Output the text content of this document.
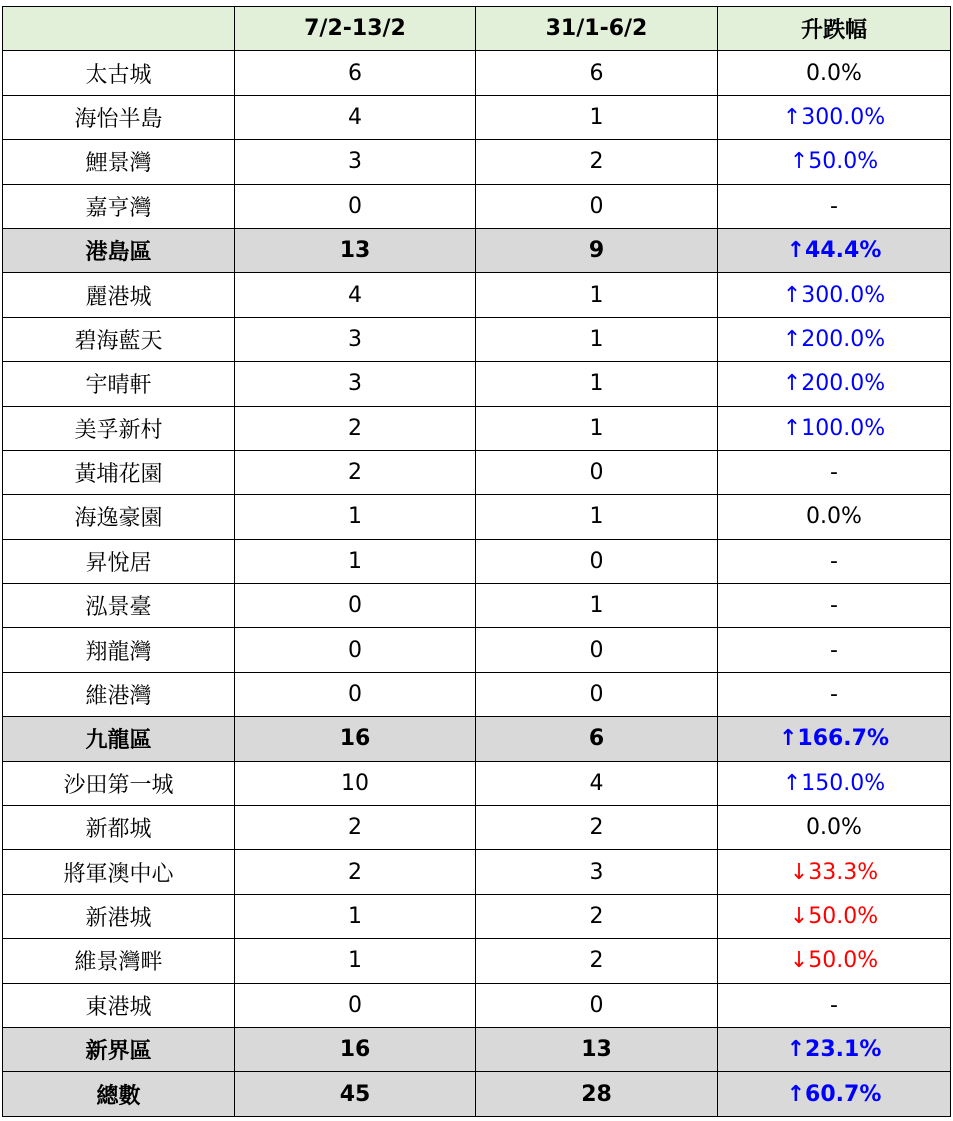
	7/2-13/2	31/1-6/2	升跌幅
太古城	6	6	0.0%
海怡半島	4	1	↑300.0%
鯉景灣	3	2	↑50.0%
嘉亨灣	0	0	-
港島區	13	9	↑44.4%
麗港城	4	1	↑300.0%
碧海藍天	3	1	↑200.0%
宇晴軒	3	1	↑200.0%
美孚新村	2	1	↑100.0%
黃埔花園	2	0	-
海逸豪園	1	1	0.0%
昇悅居	1	0	-
泓景臺	0	1	-
翔龍灣	0	0	-
維港灣	0	0	-
九龍區	16	6	↑166.7%
沙田第一城	10	4	↑150.0%
新都城	2	2	0.0%
將軍澳中心	2	3	↓33.3%
新港城	1	2	↓50.0%
維景灣畔	1	2	↓50.0%
東港城	0	0	-
新界區	16	13	↑23.1%
總數	45	28	↑60.7%
